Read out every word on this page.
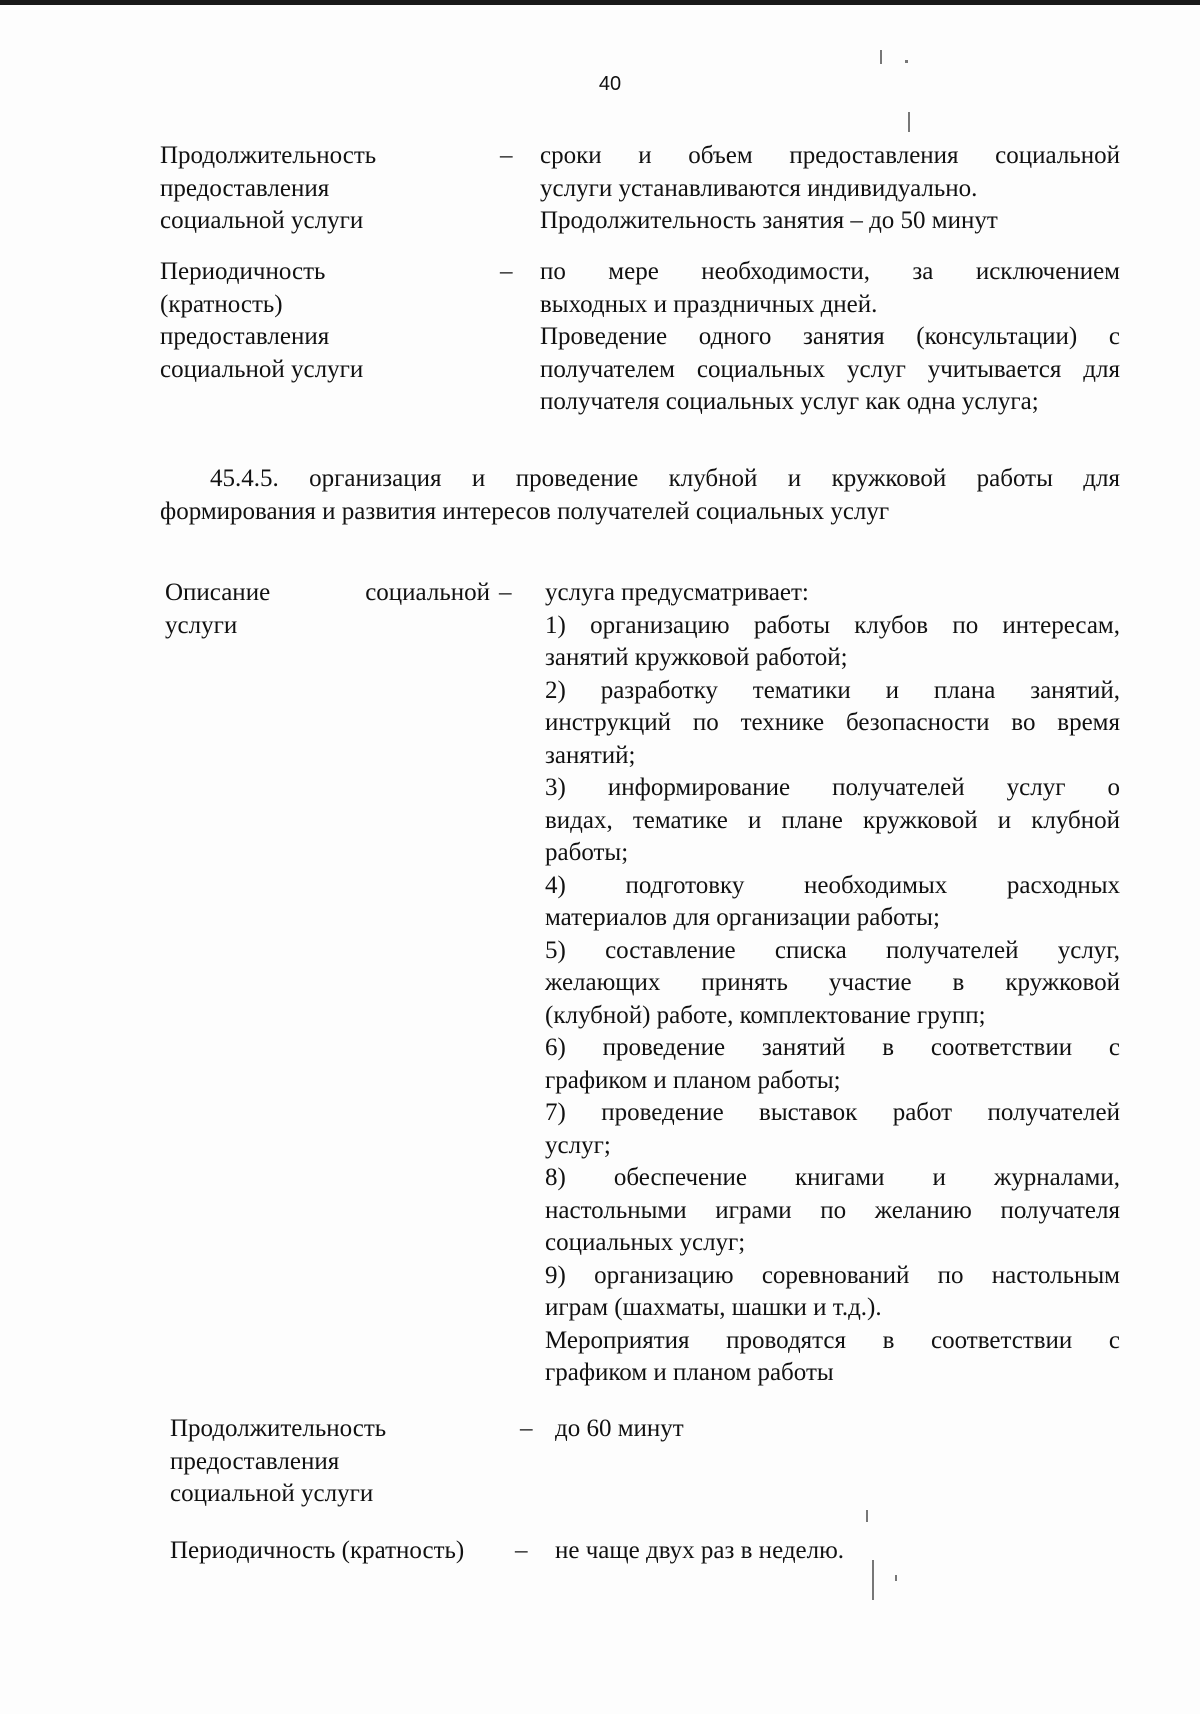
40
Продолжительность
предоставления
социальной услуги
– сроки и объем предоставления социальной
услуги устанавливаются индивидуально.
Продолжительность занятия – до 50 минут
Периодичность
(кратность)
предоставления
социальной услуги
– по мере необходимости, за исключением
выходных и праздничных дней.
Проведение одного занятия (консультации) с
получателем социальных услуг учитывается для
получателя социальных услуг как одна услуга;
45.4.5. организация и проведение клубной и кружковой работы для
формирования и развития интересов получателей социальных услуг
Описание социальной
услуги
– услуга предусматривает:
1) организацию работы клубов по интересам,
занятий кружковой работой;
2) разработку тематики и плана занятий,
инструкций по технике безопасности во время
занятий;
3) информирование получателей услуг о
видах, тематике и плане кружковой и клубной
работы;
4) подготовку необходимых расходных
материалов для организации работы;
5) составление списка получателей услуг,
желающих принять участие в кружковой
(клубной) работе, комплектование групп;
6) проведение занятий в соответствии с
графиком и планом работы;
7) проведение выставок работ получателей
услуг;
8) обеспечение книгами и журналами,
настольными играми по желанию получателя
социальных услуг;
9) организацию соревнований по настольным
играм (шахматы, шашки и т.д.).
Мероприятия проводятся в соответствии с
графиком и планом работы
Продолжительность
предоставления
социальной услуги
– до 60 минут
Периодичность (кратность) – не чаще двух раз в неделю.
